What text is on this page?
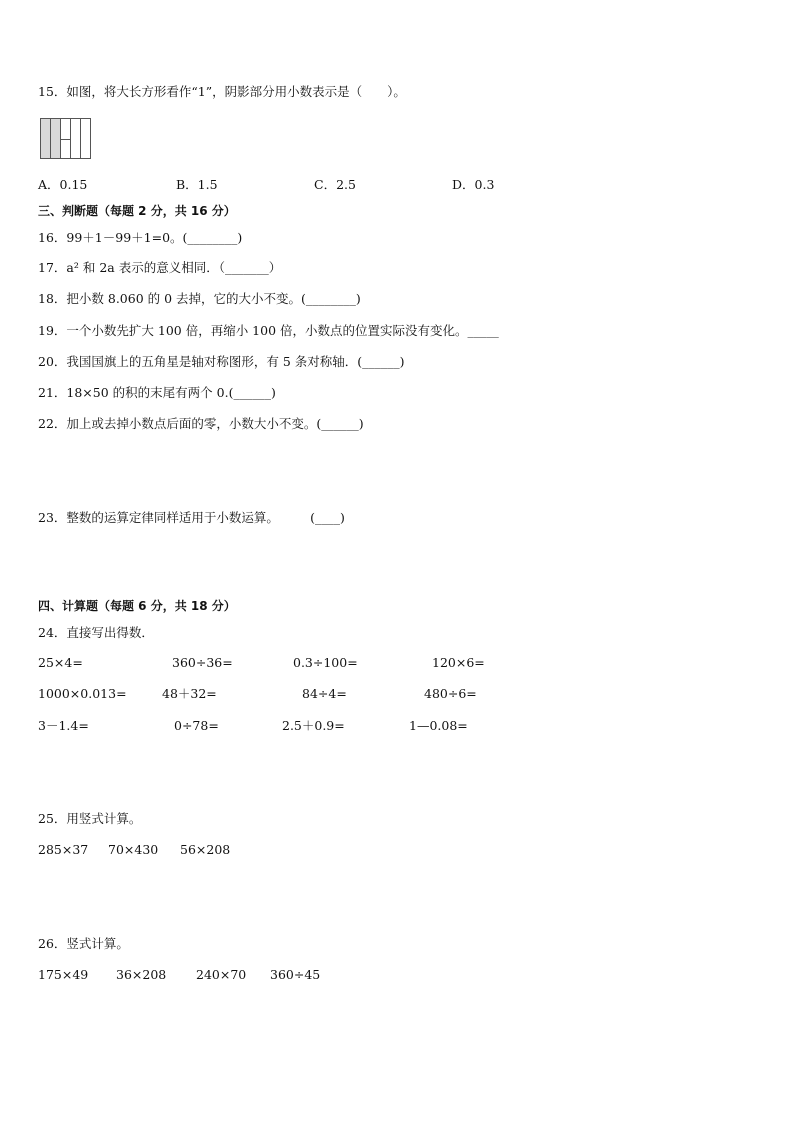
15．如图，将大长方形看作“1”，阴影部分用小数表示是（　　）。
A．0.15	B．1.5	C．2.5	D．0.3
三、判断题（每题 2 分，共 16 分）
16．99＋1－99＋1=0。(________)
17．a² 和 2a 表示的意义相同．（_______）
18．把小数 8.060 的 0 去掉，它的大小不变。(________)
19．一个小数先扩大 100 倍，再缩小 100 倍，小数点的位置实际没有变化。_____
20．我国国旗上的五角星是轴对称图形，有 5 条对称轴．(______)
21．18×50 的积的末尾有两个 0.(______)
22．加上或去掉小数点后面的零，小数大小不变。(______)
23．整数的运算定律同样适用于小数运算。　　　(____)
四、计算题（每题 6 分，共 18 分）
24．直接写出得数．
25×4=	360÷36=	0.3÷100=	120×6=
1000×0.013=	48＋32=	84÷4=	480÷6=
3－1.4=	0÷78=	2.5＋0.9=	1—0.08=
25．用竖式计算。
285×37 70×430 56×208
26．竖式计算。
175×49 36×208 240×70 360÷45
